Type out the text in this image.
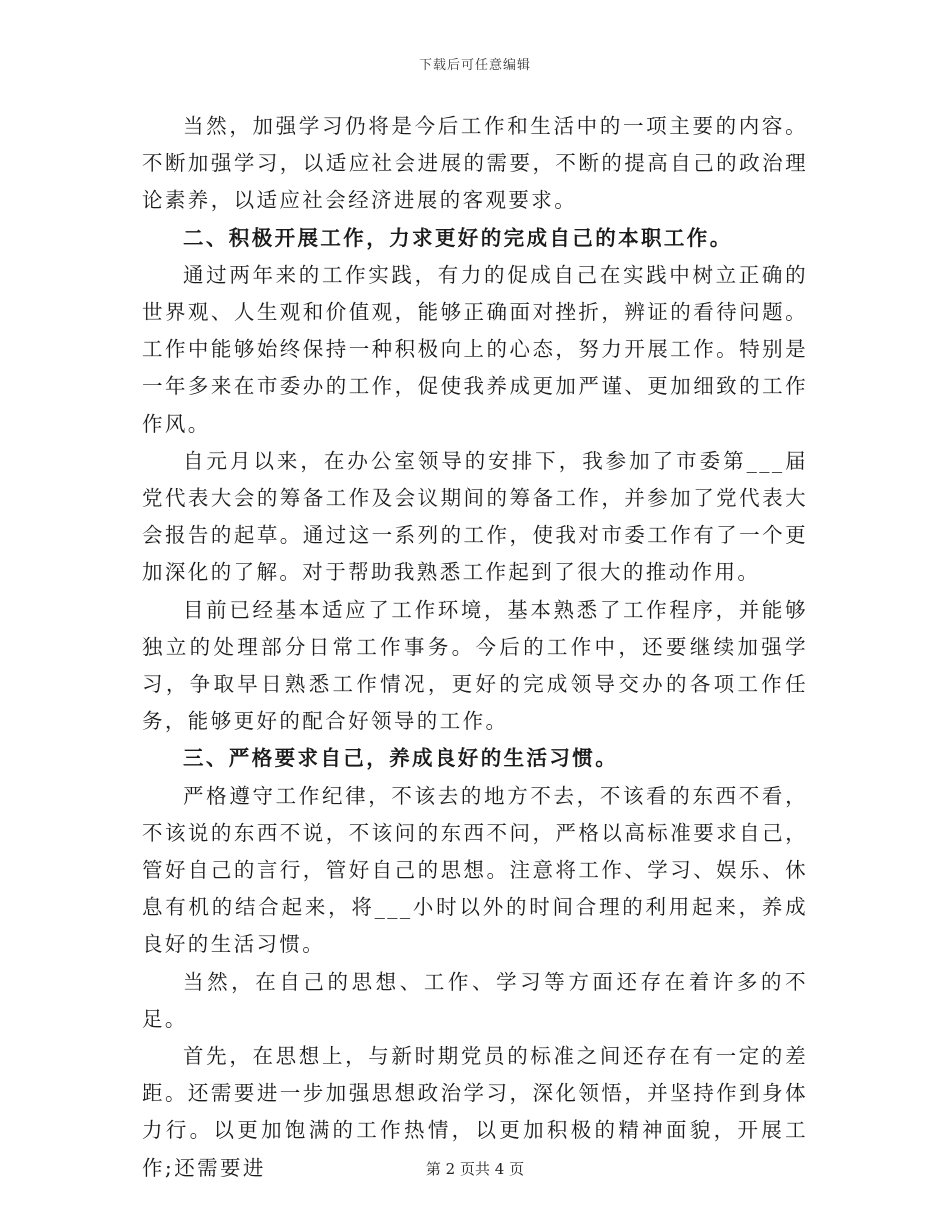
下载后可任意编辑

当然，加强学习仍将是今后工作和生活中的一项主要的内容。不断加强学习，以适应社会进展的需要，不断的提高自己的政治理论素养，以适应社会经济进展的客观要求。

二、积极开展工作，力求更好的完成自己的本职工作。

通过两年来的工作实践，有力的促成自己在实践中树立正确的世界观、人生观和价值观，能够正确面对挫折，辨证的看待问题。工作中能够始终保持一种积极向上的心态，努力开展工作。特别是一年多来在市委办的工作，促使我养成更加严谨、更加细致的工作作风。

自元月以来，在办公室领导的安排下，我参加了市委第___届党代表大会的筹备工作及会议期间的筹备工作，并参加了党代表大会报告的起草。通过这一系列的工作，使我对市委工作有了一个更加深化的了解。对于帮助我熟悉工作起到了很大的推动作用。

目前已经基本适应了工作环境，基本熟悉了工作程序，并能够独立的处理部分日常工作事务。今后的工作中，还要继续加强学习，争取早日熟悉工作情况，更好的完成领导交办的各项工作任务，能够更好的配合好领导的工作。

三、严格要求自己，养成良好的生活习惯。

严格遵守工作纪律，不该去的地方不去，不该看的东西不看，不该说的东西不说，不该问的东西不问，严格以高标准要求自己，管好自己的言行，管好自己的思想。注意将工作、学习、娱乐、休息有机的结合起来，将___小时以外的时间合理的利用起来，养成良好的生活习惯。

当然，在自己的思想、工作、学习等方面还存在着许多的不足。

首先，在思想上，与新时期党员的标准之间还存在有一定的差距。还需要进一步加强思想政治学习，深化领悟，并坚持作到身体力行。以更加饱满的工作热情，以更加积极的精神面貌，开展工作;还需要进	第 2 页共 4 页
